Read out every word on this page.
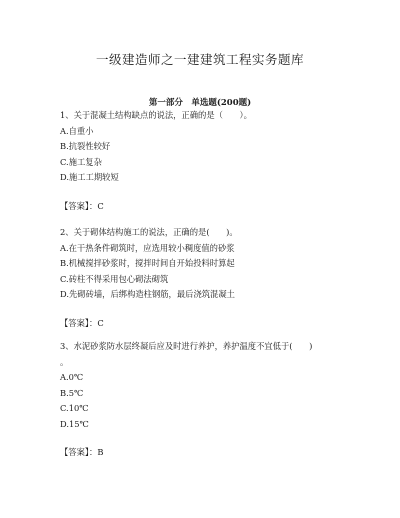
一级建造师之一建建筑工程实务题库
第一部分　单选题(200题)
1、关于混凝土结构缺点的说法，正确的是（　　）。
A.自重小
B.抗裂性较好
C.施工复杂
D.施工工期较短
【答案】：C
2、关于砌体结构施工的说法，正确的是(　　)。
A.在干热条件砌筑时，应选用较小稠度值的砂浆
B.机械搅拌砂浆时，搅拌时间自开始投料时算起
C.砖柱不得采用包心砌法砌筑
D.先砌砖墙，后绑构造柱钢筋，最后浇筑混凝土
【答案】：C
3、水泥砂浆防水层终凝后应及时进行养护，养护温度不宜低于(　　)
。
A.0℃
B.5℃
C.10℃
D.15℃
【答案】：B
